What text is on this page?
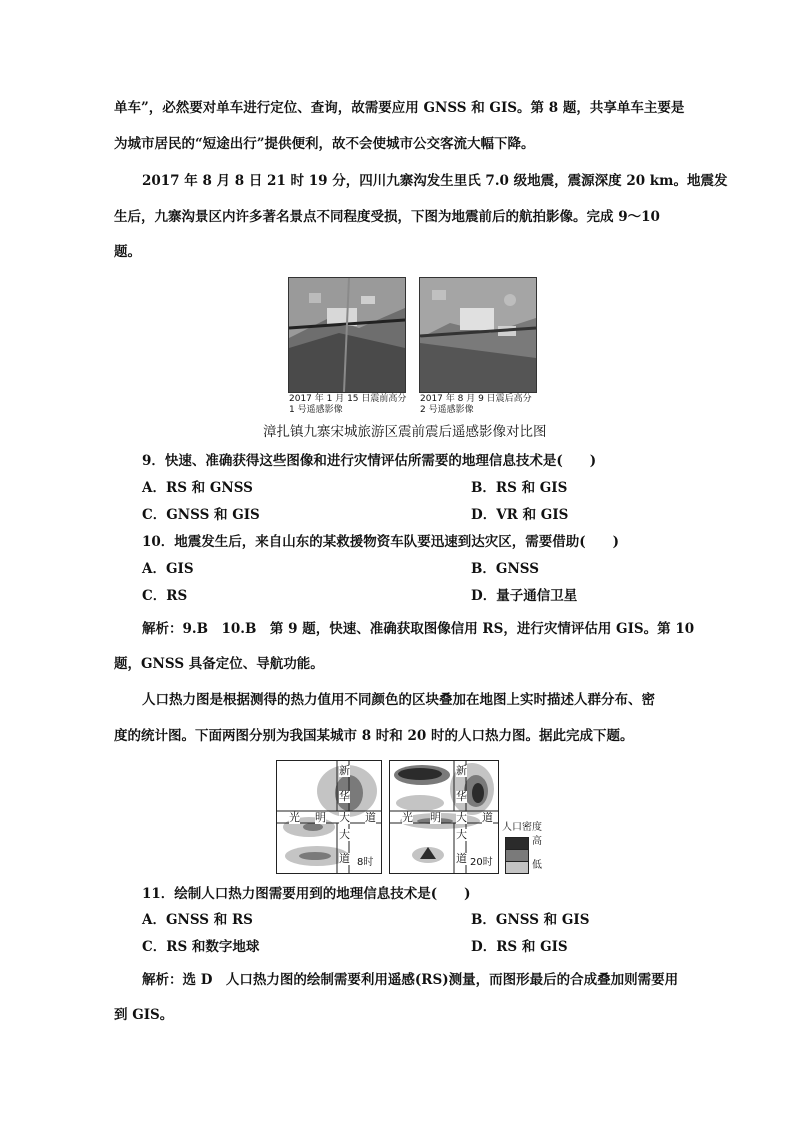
单车”，必然要对单车进行定位、查询，故需要应用 GNSS 和 GIS。第 8 题，共享单车主要是
为城市居民的“短途出行”提供便利，故不会使城市公交客流大幅下降。
2017 年 8 月 8 日 21 时 19 分，四川九寨沟发生里氏 7.0 级地震，震源深度 20 km。地震发
生后，九寨沟景区内许多著名景点不同程度受损，下图为地震前后的航拍影像。完成 9～10
题。
2017 年 1 月 15 日震前高分
1 号遥感影像
2017 年 8 月 9 日震后高分
2 号遥感影像
漳扎镇九寨宋城旅游区震前震后遥感影像对比图
9．快速、准确获得这些图像和进行灾情评估所需要的地理信息技术是(　　)
A．RS 和 GNSS	B．RS 和 GIS
C．GNSS 和 GIS	D．VR 和 GIS
10．地震发生后，来自山东的某救援物资车队要迅速到达灾区，需要借助(　　)
A．GIS	B．GNSS
C．RS	D．量子通信卫星
解析：9.B　10.B　第 9 题，快速、准确获取图像信用 RS，进行灾情评估用 GIS。第 10
题，GNSS 具备定位、导航功能。
人口热力图是根据测得的热力值用不同颜色的区块叠加在地图上实时描述人群分布、密
度的统计图。下面两图分别为我国某城市 8 时和 20 时的人口热力图。据此完成下题。
新
华
光 明 大 道
大
道 8时
新
华
光 明 大 道
大
道 20时
人口密度
高
低
11．绘制人口热力图需要用到的地理信息技术是(　　)
A．GNSS 和 RS	B．GNSS 和 GIS
C．RS 和数字地球	D．RS 和 GIS
解析：选 D　人口热力图的绘制需要利用遥感(RS)测量，而图形最后的合成叠加则需要用
到 GIS。
